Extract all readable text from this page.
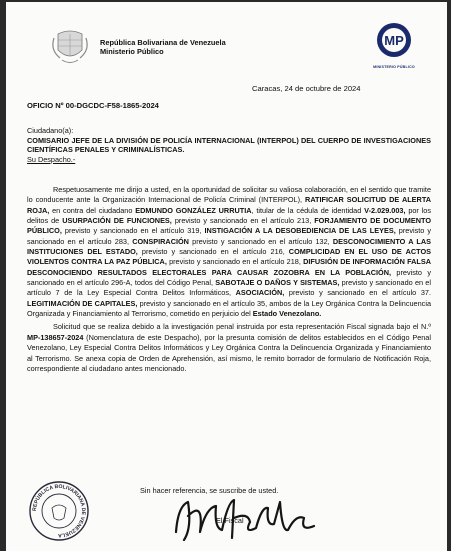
República Bolivariana de Venezuela
Ministerio Público
MP
MINISTERIO PÚBLICO
Caracas, 24 de octubre de 2024
OFICIO Nº 00-DGCDC-F58-1865-2024
Ciudadano(a):
COMISARIO JEFE DE LA DIVISIÓN DE POLICÍA INTERNACIONAL (INTERPOL) DEL CUERPO DE INVESTIGACIONES CIENTÍFICAS PENALES Y CRIMINALÍSTICAS.
Su Despacho.-

Respetuosamente me dirijo a usted, en la oportunidad de solicitar su valiosa colaboración, en el sentido que tramite lo conducente ante la Organización Internacional de Policía Criminal (INTERPOL), RATIFICAR SOLICITUD DE ALERTA ROJA, en contra del ciudadano EDMUNDO GONZÁLEZ URRUTIA, titular de la cédula de identidad V-2.029.003, por los delitos de USURPACIÓN DE FUNCIONES, previsto y sancionado en el artículo 213, FORJAMIENTO DE DOCUMENTO PÚBLICO, previsto y sancionado en el artículo 319, INSTIGACIÓN A LA DESOBEDIENCIA DE LAS LEYES, previsto y sancionado en el artículo 283, CONSPIRACIÓN previsto y sancionado en el artículo 132, DESCONOCIMIENTO A LAS INSTITUCIONES DEL ESTADO, previsto y sancionado en el artículo 216, COMPLICIDAD EN EL USO DE ACTOS VIOLENTOS CONTRA LA PAZ PÚBLICA, previsto y sancionado en el artículo 218, DIFUSIÓN DE INFORMACIÓN FALSA DESCONOCIENDO RESULTADOS ELECTORALES PARA CAUSAR ZOZOBRA EN LA POBLACIÓN, previsto y sancionado en el artículo 296-A, todos del Código Penal, SABOTAJE O DAÑOS Y SISTEMAS, previsto y sancionado en el artículo 7 de la Ley Especial Contra Delitos Informáticos, ASOCIACIÓN, previsto y sancionado en el artículo 37. LEGITIMACIÓN DE CAPITALES, previsto y sancionado en el artículo 35, ambos de la Ley Orgánica Contra la Delincuencia Organizada y Financiamiento al Terrorismo, cometido en perjuicio del Estado Venezolano.

Solicitud que se realiza debido a la investigación penal instruida por esta representación Fiscal signada bajo el N.º MP-138657-2024 (Nomenclatura de este Despacho), por la presunta comisión de delitos establecidos en el Código Penal Venezolano, Ley Especial Contra Delitos Informáticos y Ley Orgánica Contra la Delincuencia Organizada y Financiamiento al Terrorismo. Se anexa copia de Orden de Aprehensión, así mismo, le remito borrador de formulario de Notificación Roja, correspondiente al ciudadano antes mencionado.

REPÚBLICA BOLIVARIANA DE VENEZUELA
Sin hacer referencia, se suscribe de usted.
El Fiscal
